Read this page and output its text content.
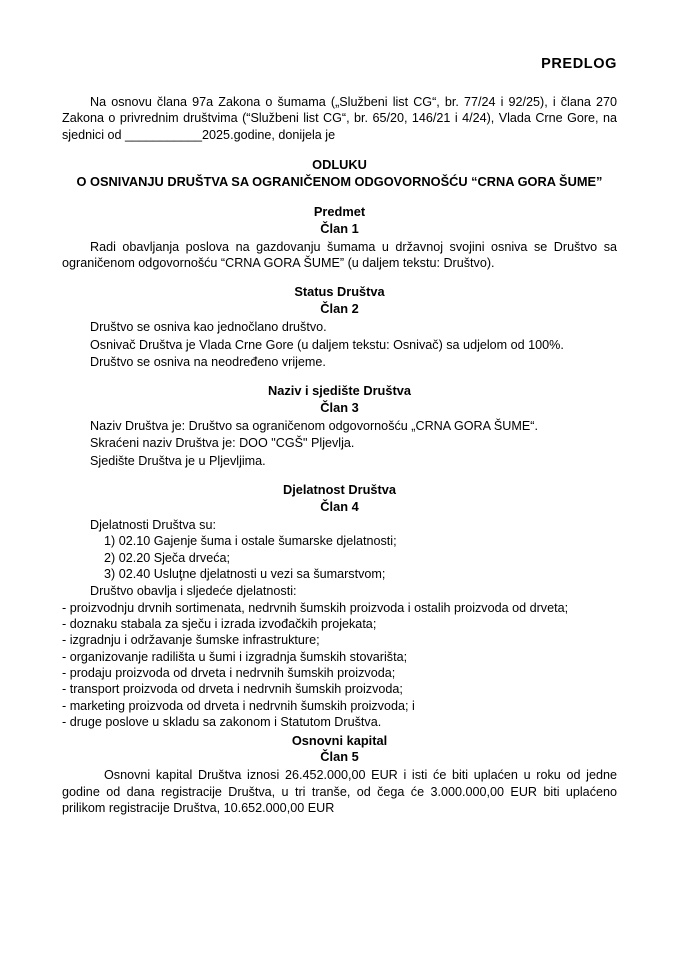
PREDLOG

Na osnovu člana 97a Zakona o šumama („Službeni list CG“, br. 77/24 i 92/25), i člana 270 Zakona o privrednim društvima (“Službeni list CG“, br. 65/20, 146/21 i 4/24), Vlada Crne Gore, na sjednici od ___________2025.godine, donijela je

ODLUKU
O OSNIVANJU DRUŠTVA SA OGRANIČENOM ODGOVORNOŠĆU “CRNA GORA ŠUME”
Predmet
Član 1

Radi obavljanja poslova na gazdovanju šumama u državnoj svojini osniva se Društvo sa ograničenom odgovornošću “CRNA GORA ŠUME” (u daljem tekstu: Društvo).

Status Društva
Član 2

Društvo se osniva kao jednočlano društvo.

Osnivač Društva je Vlada Crne Gore (u daljem tekstu: Osnivač) sa udjelom od 100%.

Društvo se osniva na neodređeno vrijeme.

Naziv i sjedište Društva
Član 3

Naziv Društva je: Društvo sa ograničenom odgovornošću „CRNA GORA ŠUME“.

Skraćeni naziv Društva je: DOO "CGŠ" Pljevlja.

Sjedište Društva je u Pljevljima.

Djelatnost Društva
Član 4

Djelatnosti Društva su:

1) 02.10 Gajenje šuma i ostale šumarske djelatnosti;

2) 02.20 Sječa drveća;

3) 02.40 Usluţne djelatnosti u vezi sa šumarstvom;

Društvo obavlja i sljedeće djelatnosti:

- proizvodnju drvnih sortimenata, nedrvnih šumskih proizvoda i ostalih proizvoda od drveta;

- doznaku stabala za sječu i izrada izvođačkih projekata;

- izgradnju i održavanje šumske infrastrukture;

- organizovanje radilišta u šumi i izgradnja šumskih stovarišta;

- prodaju proizvoda od drveta i nedrvnih šumskih proizvoda;

- transport proizvoda od drveta i nedrvnih šumskih proizvoda;

- marketing proizvoda od drveta i nedrvnih šumskih proizvoda; i

- druge poslove u skladu sa zakonom i Statutom Društva.

Osnovni kapital
Član 5

Osnovni kapital Društva iznosi 26.452.000,00 EUR i isti će biti uplaćen u roku od jedne godine od dana registracije Društva, u tri tranše, od čega će 3.000.000,00 EUR biti uplaćeno prilikom registracije Društva, 10.652.000,00 EUR
